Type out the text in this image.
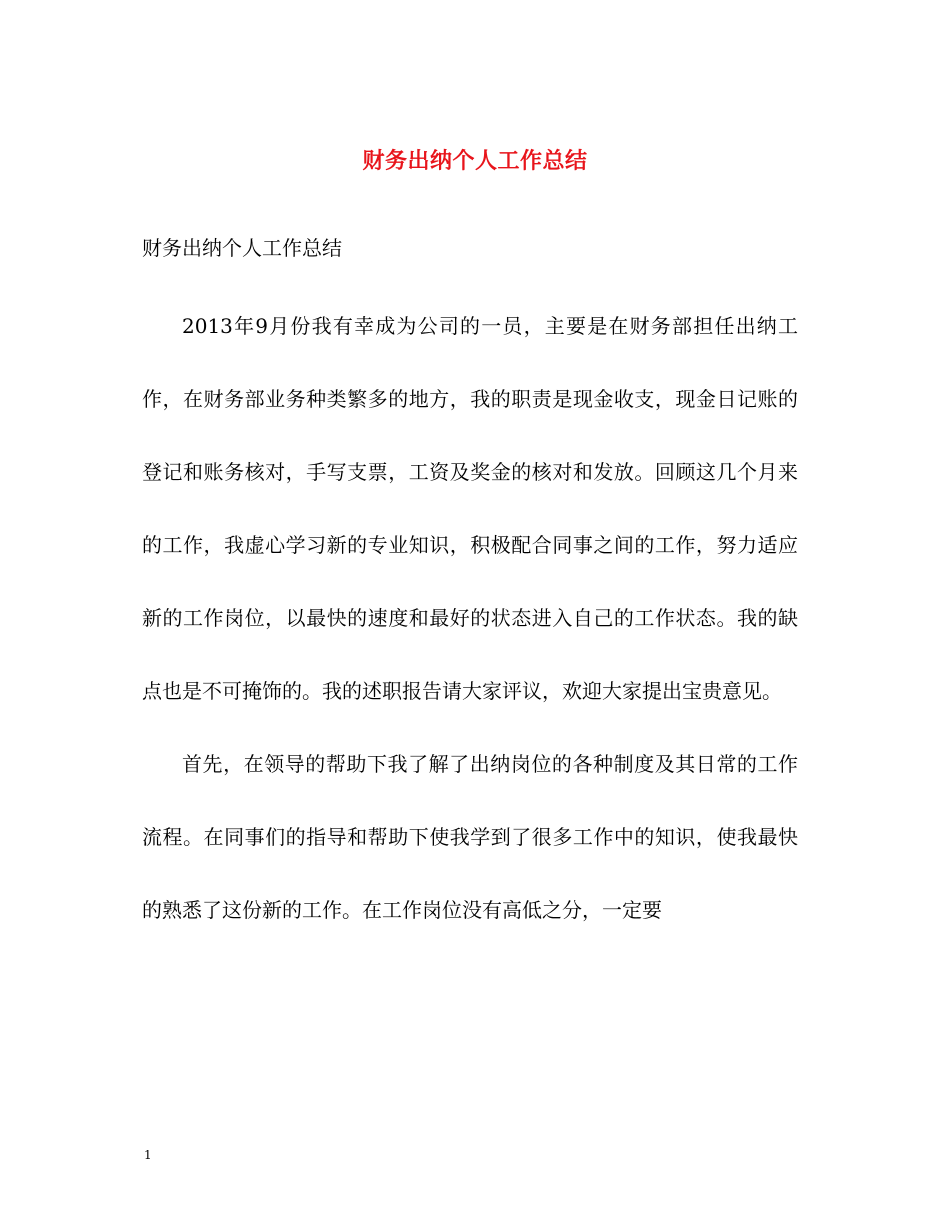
财务出纳个人工作总结
财务出纳个人工作总结

2013年9月份我有幸成为公司的一员，主要是在财务部担任出纳工作，在财务部业务种类繁多的地方，我的职责是现金收支，现金日记账的登记和账务核对，手写支票，工资及奖金的核对和发放。回顾这几个月来的工作，我虚心学习新的专业知识，积极配合同事之间的工作，努力适应新的工作岗位，以最快的速度和最好的状态进入自己的工作状态。我的缺点也是不可掩饰的。我的述职报告请大家评议，欢迎大家提出宝贵意见。

首先，在领导的帮助下我了解了出纳岗位的各种制度及其日常的工作流程。在同事们的指导和帮助下使我学到了很多工作中的知识，使我最快的熟悉了这份新的工作。在工作岗位没有高低之分，一定要

1
